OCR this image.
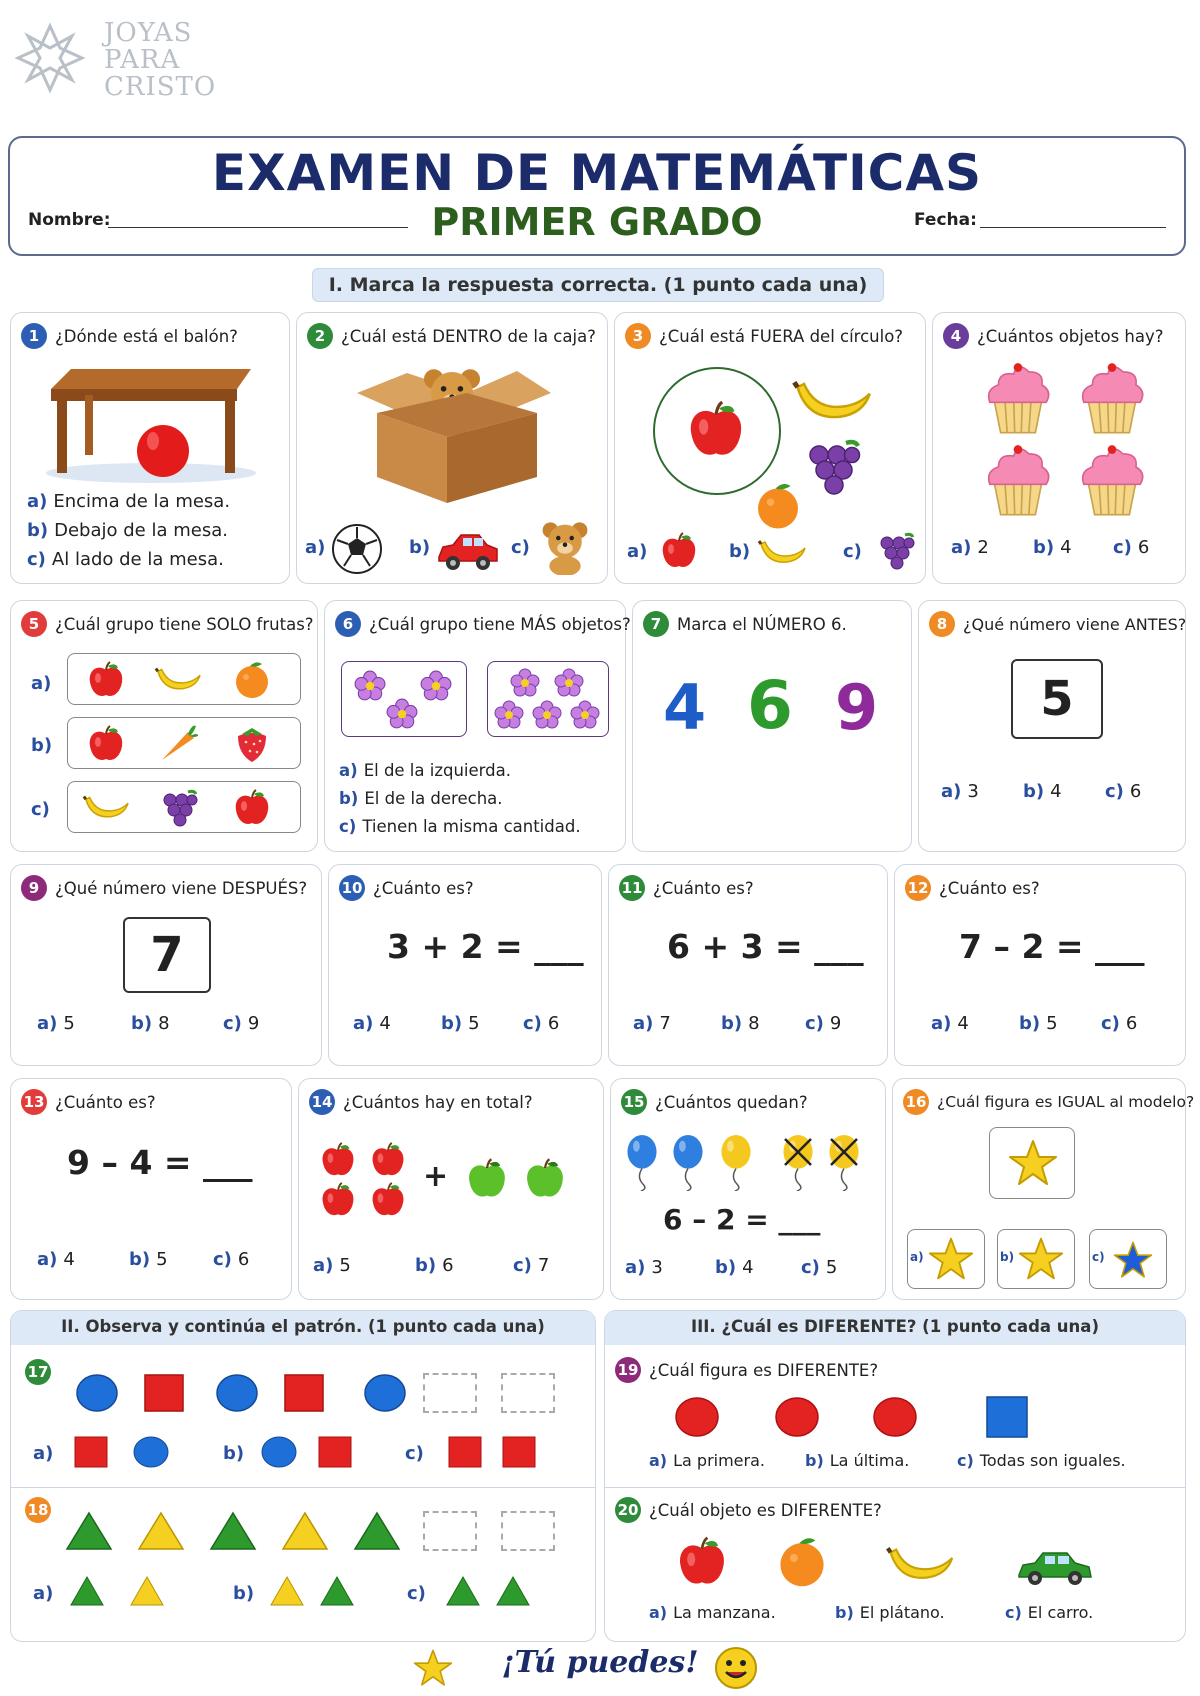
JOYAS
PARA
CRISTO
EXAMEN DE MATEMÁTICAS
PRIMER GRADO
Nombre:	Fecha:
I. Marca la respuesta correcta. (1 punto cada una)
1 ¿Dónde está el balón?
a) Encima de la mesa.
b) Debajo de la mesa.
c) Al lado de la mesa.
2 ¿Cuál está DENTRO de la caja?
a)	b)	c)
3 ¿Cuál está FUERA del círculo?
a)	b)	c)
4 ¿Cuántos objetos hay?
a) 2 b) 4 c) 6
5 ¿Cuál grupo tiene SOLO frutas?
a)
b)
c)
6 ¿Cuál grupo tiene MÁS objetos?
a) El de la izquierda.
b) El de la derecha.
c) Tienen la misma cantidad.
7 Marca el NÚMERO 6.
4 6 9
8 ¿Qué número viene ANTES?
5
a) 3 b) 4 c) 6
9 ¿Qué número viene DESPUÉS?
7
a) 5	b) 8	c) 9
10 ¿Cuánto es?
3 + 2 = ___
a) 4	b) 5 c) 6
11 ¿Cuánto es?
6 + 3 = ___
a) 7	b) 8	c) 9
12 ¿Cuánto es?
7 – 2 = ___
a) 4	b) 5 c) 6
13 ¿Cuánto es?
9 – 4 = ___
a) 4	b) 5	c) 6
14 ¿Cuántos hay en total?
+
a) 5	b) 6	c) 7
15 ¿Cuántos quedan?
6 – 2 = ___
a) 3	b) 4	c) 5
16 ¿Cuál figura es IGUAL al modelo?
a)	b)	c)
II. Observa y continúa el patrón. (1 punto cada una)
17
a)	b)	c)
18
a)	b)	c)
III. ¿Cuál es DIFERENTE? (1 punto cada una)
19 ¿Cuál figura es DIFERENTE?
a) La primera.	b) La última.	c) Todas son iguales.
20 ¿Cuál objeto es DIFERENTE?
a) La manzana.	b) El plátano.	c) El carro.
¡Tú puedes!
